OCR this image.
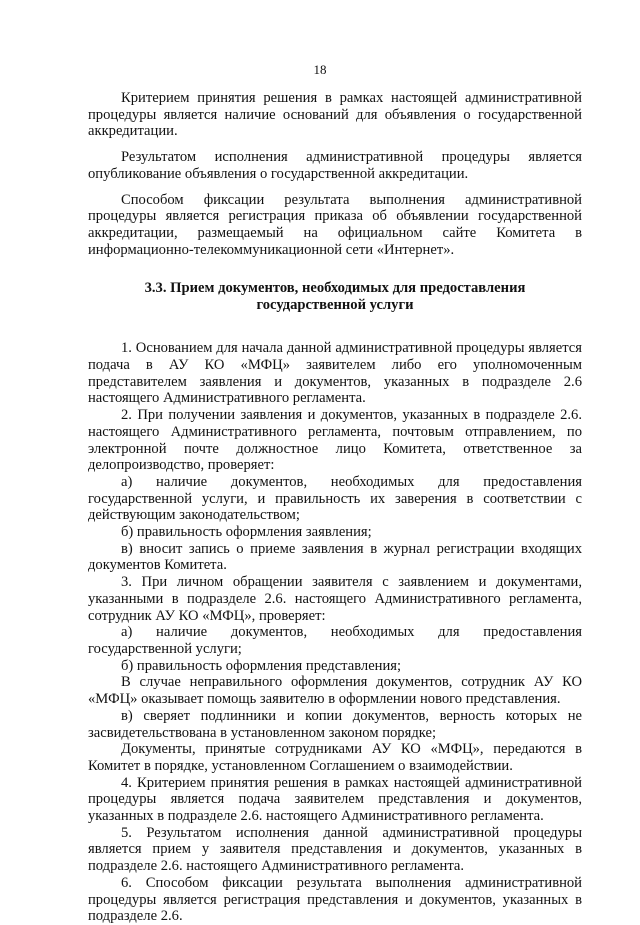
18

Критерием принятия решения в рамках настоящей административной процедуры является наличие оснований для объявления о государственной аккредитации.

Результатом исполнения административной процедуры является опубликование объявления о государственной аккредитации.

Способом фиксации результата выполнения административной процедуры является регистрация приказа об объявлении государственной аккредитации, размещаемый на официальном сайте Комитета в информационно-телекоммуникационной сети «Интернет».

3.3. Прием документов, необходимых для предоставления
государственной услуги

1. Основанием для начала данной административной процедуры является подача в АУ КО «МФЦ» заявителем либо его уполномоченным представителем заявления и документов, указанных в подразделе 2.6 настоящего Административного регламента.

2. При получении заявления и документов, указанных в подразделе 2.6. настоящего Административного регламента, почтовым отправлением, по электронной почте должностное лицо Комитета, ответственное за делопроизводство, проверяет:

а) наличие документов, необходимых для предоставления государственной услуги, и правильность их заверения в соответствии с действующим законодательством;

б) правильность оформления заявления;

в) вносит запись о приеме заявления в журнал регистрации входящих документов Комитета.

3. При личном обращении заявителя с заявлением и документами, указанными в подразделе 2.6. настоящего Административного регламента, сотрудник АУ КО «МФЦ», проверяет:

а) наличие документов, необходимых для предоставления государственной услуги;

б) правильность оформления представления;

В случае неправильного оформления документов, сотрудник АУ КО «МФЦ» оказывает помощь заявителю в оформлении нового представления.

в) сверяет подлинники и копии документов, верность которых не засвидетельствована в установленном законом порядке;

Документы, принятые сотрудниками АУ КО «МФЦ», передаются в Комитет в порядке, установленном Соглашением о взаимодействии.

4. Критерием принятия решения в рамках настоящей административной процедуры является подача заявителем представления и документов, указанных в подразделе 2.6. настоящего Административного регламента.

5. Результатом исполнения данной административной процедуры является прием у заявителя представления и документов, указанных в подразделе 2.6. настоящего Административного регламента.

6. Способом фиксации результата выполнения административной процедуры является регистрация представления и документов, указанных в подразделе 2.6.
